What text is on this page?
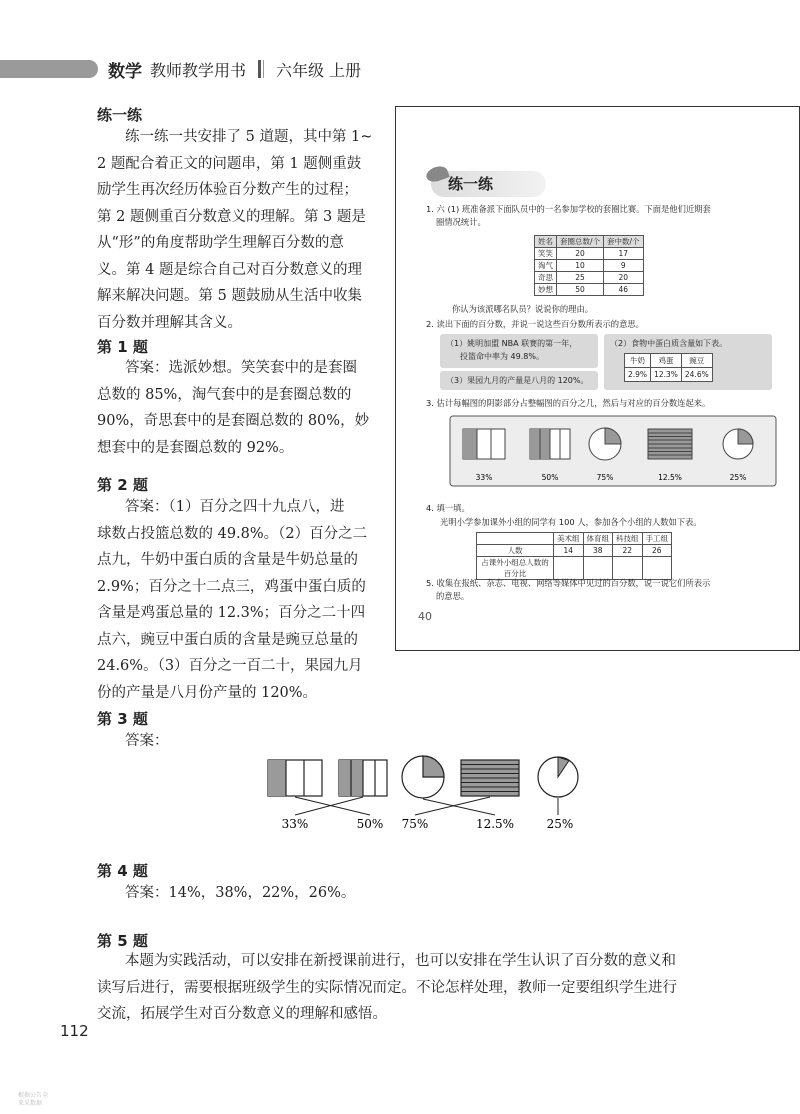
数学 教师教学用书 六年级 上册
练一练
练一练一共安排了 5 道题，其中第 1~
2 题配合着正文的问题串，第 1 题侧重鼓
励学生再次经历体验百分数产生的过程；
第 2 题侧重百分数意义的理解。第 3 题是
从“形”的角度帮助学生理解百分数的意
义。第 4 题是综合自己对百分数意义的理
解来解决问题。第 5 题鼓励从生活中收集
百分数并理解其含义。
第 1 题
答案：选派妙想。笑笑套中的是套圈
总数的 85%，淘气套中的是套圈总数的
90%，奇思套中的是套圈总数的 80%，妙
想套中的是套圈总数的 92%。
第 2 题
答案：（1）百分之四十九点八，进
球数占投篮总数的 49.8%。（2）百分之二
点九，牛奶中蛋白质的含量是牛奶总量的
2.9%；百分之十二点三，鸡蛋中蛋白质的
含量是鸡蛋总量的 12.3%；百分之二十四
点六，豌豆中蛋白质的含量是豌豆总量的
24.6%。（3）百分之一百二十，果园九月
份的产量是八月份产量的 120%。
练一练
1. 六 (1) 班准备派下面队员中的一名参加学校的套圈比赛。下面是他们近期套
圈情况统计。
姓名	套圈总数/个	套中数/个
笑笑	20	17
淘气	10	9
奇思	25	20
妙想	50	46
你认为该派哪名队员？说说你的理由。
2. 读出下面的百分数，并说一说这些百分数所表示的意思。
（1）姚明加盟 NBA 联赛的第一年，
投篮命中率为 49.8%。
（3）果园九月的产量是八月的 120%。
（2）食物中蛋白质含量如下表。
牛奶	鸡蛋	豌豆
2.9%	12.3%	24.6%
3. 估计每幅图的阴影部分占整幅图的百分之几，然后与对应的百分数连起来。
33%	50%	75%	12.5%	25%
4. 填一填。
光明小学参加课外小组的同学有 100 人，参加各个小组的人数如下表。
	美术组	体育组	科技组	手工组
人数	14	38	22	26
占课外小组总人数的百分比				
5. 收集在报纸、杂志、电视、网络等媒体中见过的百分数，说一说它们所表示
的意思。
40
第 3 题
答案：
33%	50% 75%	12.5%	25%
第 4 题
答案：14%，38%，22%，26%。
第 5 题
本题为实践活动，可以安排在新授课前进行，也可以安排在学生认识了百分数的意义和
读写后进行，需要根据班级学生的实际情况而定。不论怎样处理，教师一定要组织学生进行
交流，拓展学生对百分数意义的理解和感悟。
112
根据公告全
来采数据
